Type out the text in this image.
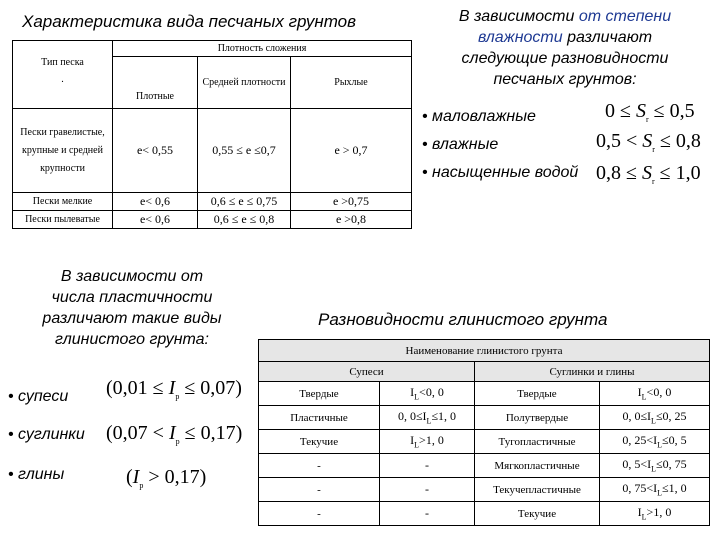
Характеристика вида песчаных грунтов
Тип песка
.	Плотность сложения		
	Плотные	Средней плотности	Рыхлые
Пески гравелистые, крупные и средней крупности	e< 0,55	0,55 ≤ e ≤0,7	e > 0,7
Пески мелкие	e< 0,6	0,6 ≤ e ≤ 0,75	e >0,75
Пески пылеватые	e< 0,6	0,6 ≤ e ≤ 0,8	e >0,8
В зависимости от степени
влажности различают
следующие разновидности
песчаных грунтов:
• маловлажные
• влажные
• насыщенные водой
$0 \le S_r \le 0,5$
$0,5 < S_r \le 0,8$
$0,8 \le S_r \le 1,0$
В зависимости от
числа пластичности
различают такие виды
глинистого грунта:
• супеси
• суглинки
• глины
$(0,01 \le I_p \le 0,07)$
$(0,07 < I_p \le 0,17)$
$(I_p > 0,17)$
Разновидности глинистого грунта
Наименование глинистого грунта			
Супеси		Суглинки и глины	
Твердые	$I_L<0$, 0	Твердые	$I_L<0$, 0
Пластичные	0, $0\le I_L\le 1$, 0	Полутвердые	0, $0\le I_L\le 0$, 25
Текучие	$I_L>1$, 0	Тугопластичные	0, $25<I_L\le 0$, 5
-	-	Мягкопластичные	0, $5<I_L\le 0$, 75
-	-	Текучепластичные	0, $75<I_L\le 1$, 0
-	-	Текучие	$I_L>1$, 0
